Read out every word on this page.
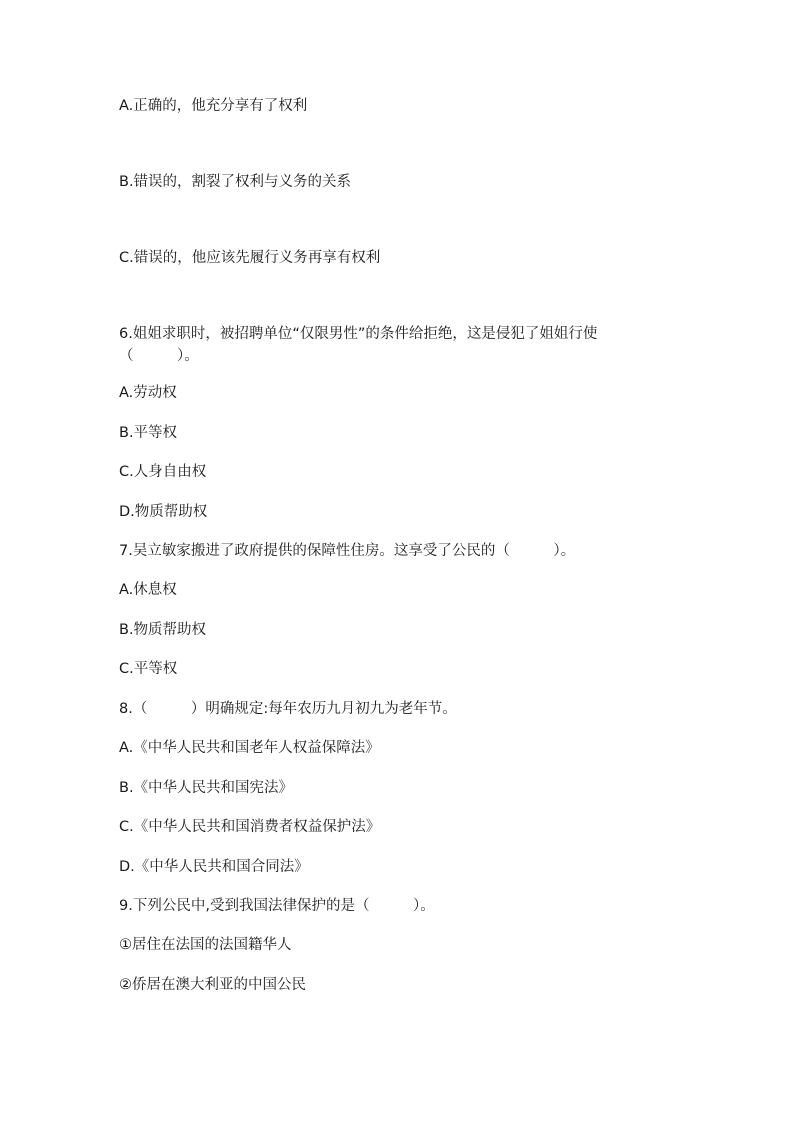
A.正确的，他充分享有了权利
B.错误的，割裂了权利与义务的关系
C.错误的，他应该先履行义务再享有权利
6.姐姐求职时，被招聘单位“仅限男性”的条件给拒绝，这是侵犯了姐姐行使
（　　　）。
A.劳动权
B.平等权
C.人身自由权
D.物质帮助权
7.吴立敏家搬进了政府提供的保障性住房。这享受了公民的（　　　）。
A.休息权
B.物质帮助权
C.平等权
8.（　　　）明确规定:每年农历九月初九为老年节。
A.《中华人民共和国老年人权益保障法》
B.《中华人民共和国宪法》
C.《中华人民共和国消费者权益保护法》
D.《中华人民共和国合同法》
9.下列公民中,受到我国法律保护的是（　　　）。
①居住在法国的法国籍华人
②侨居在澳大利亚的中国公民
